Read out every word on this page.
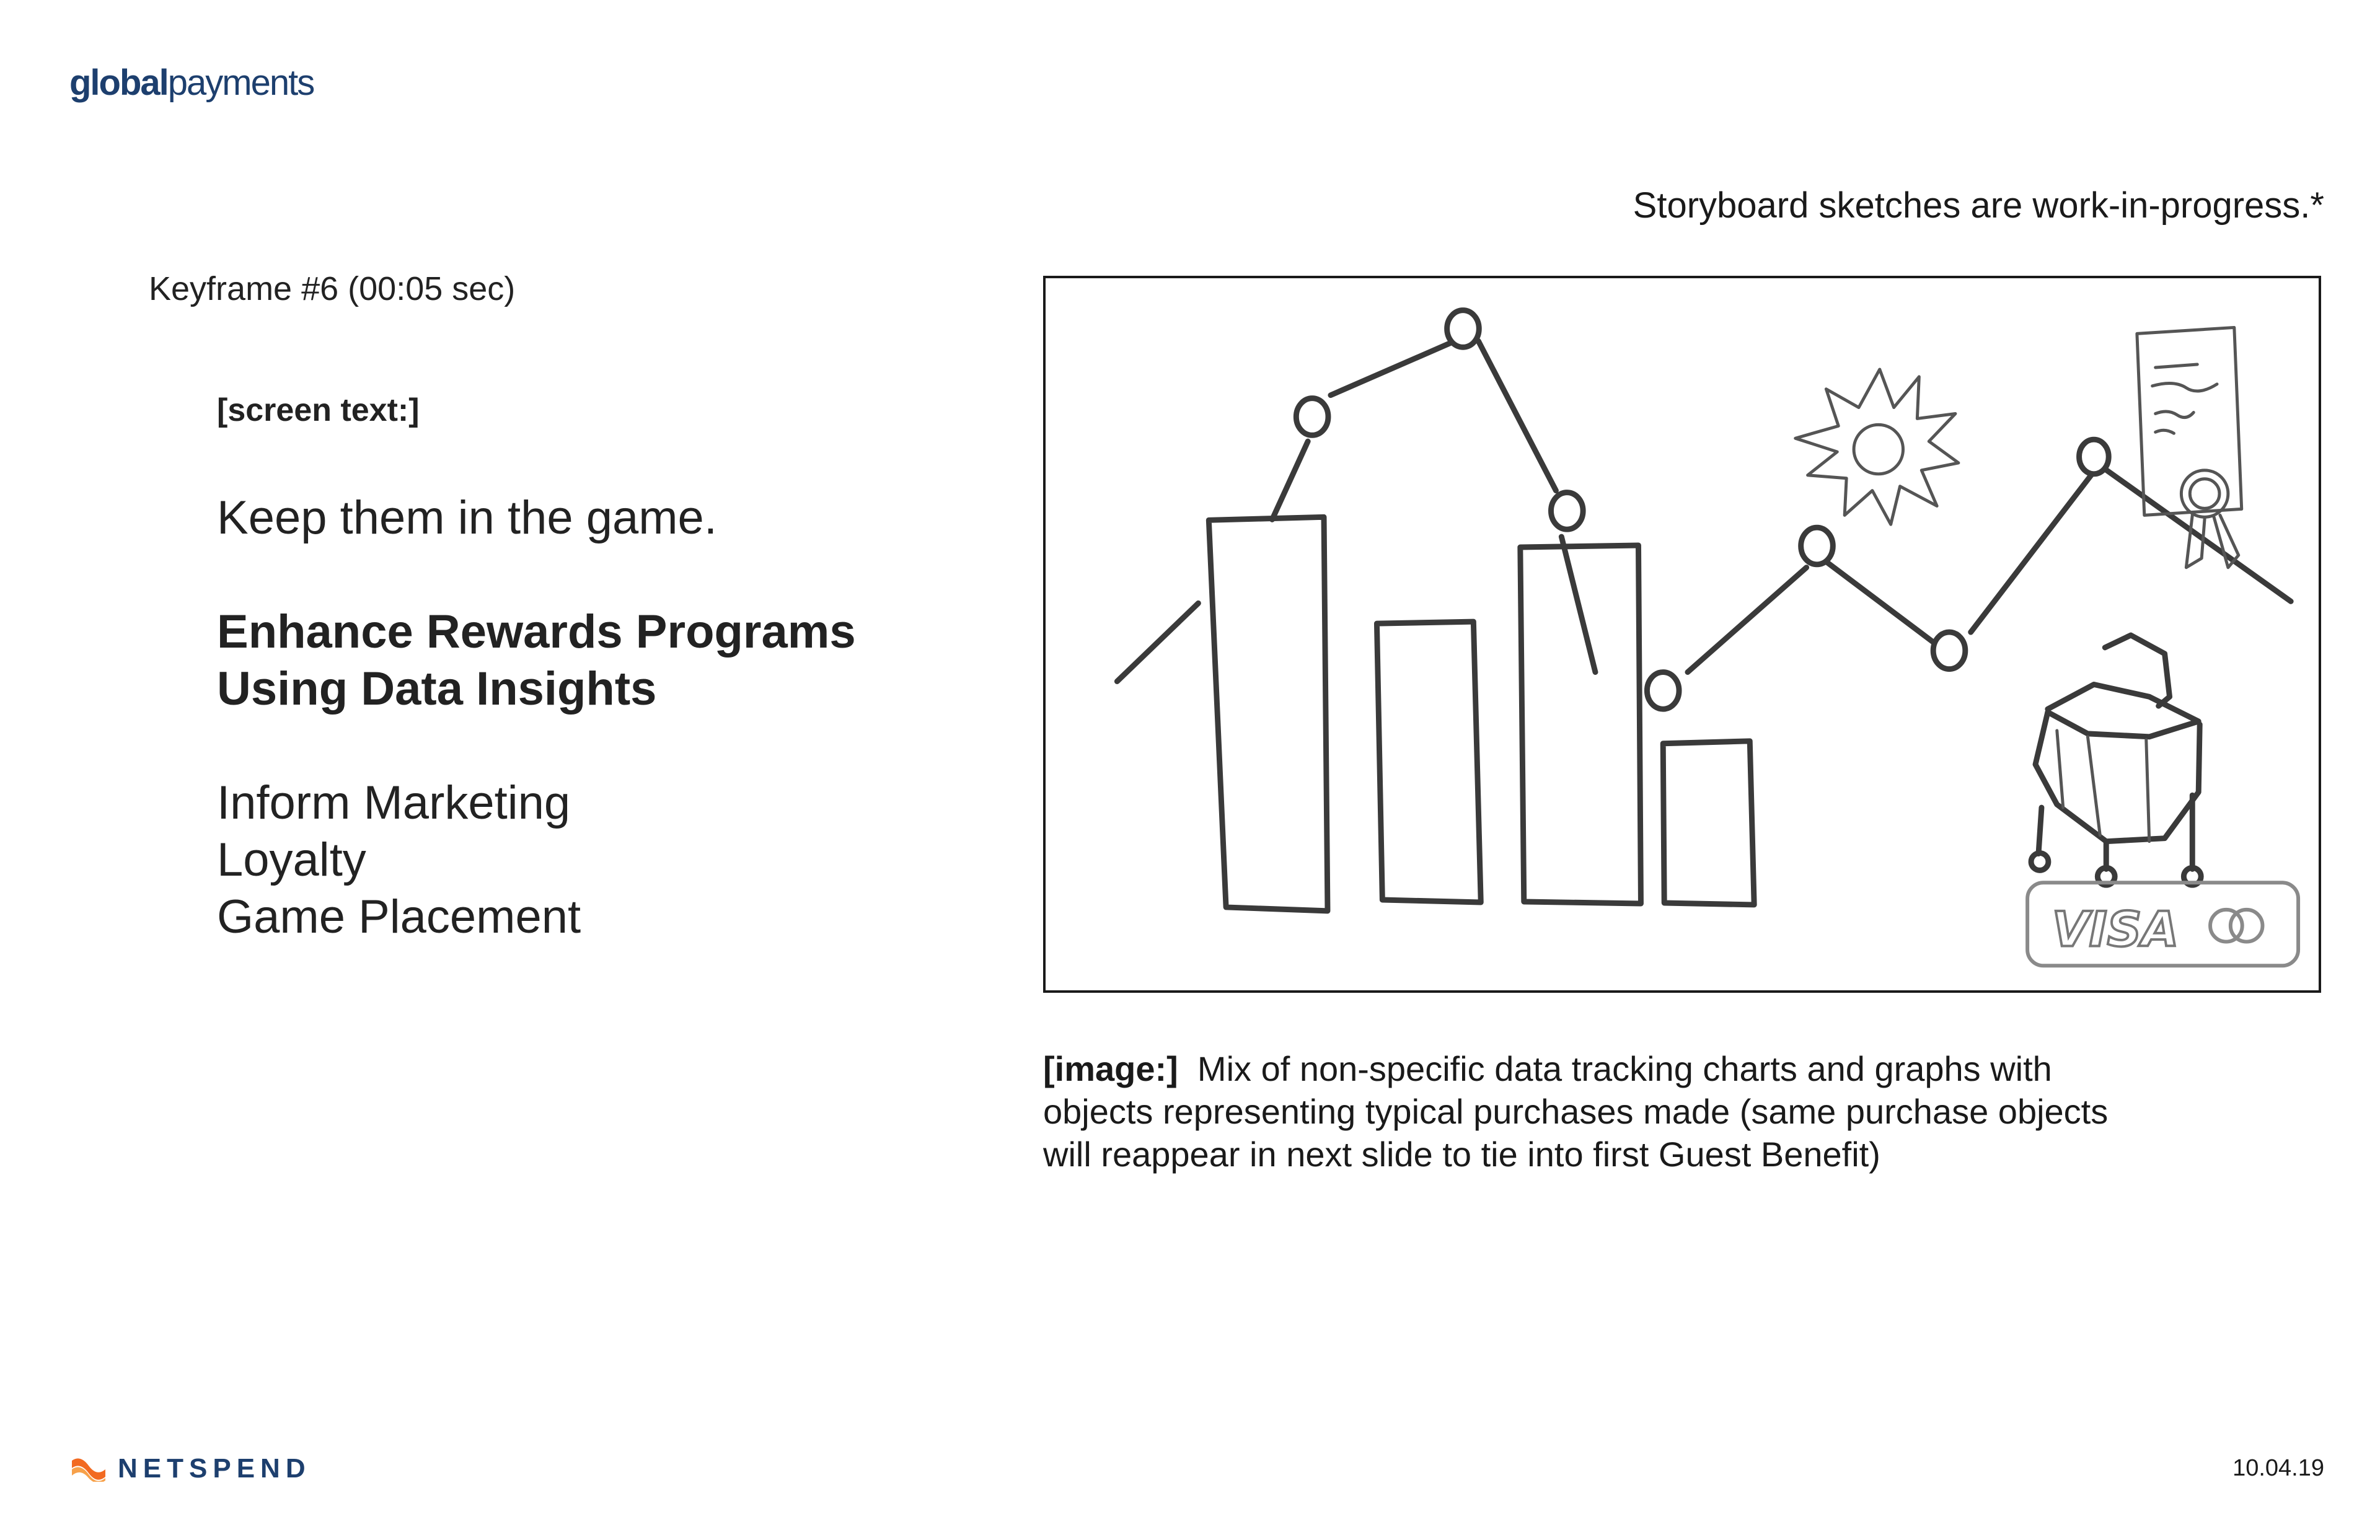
globalpayments
Storyboard sketches are work-in-progress.*
Keyframe #6 (00:05 sec)
[screen text:]
Keep them in the game.
Enhance Rewards Programs
Using Data Insights
Inform Marketing
Loyalty
Game Placement	VISA
[image:] Mix of non-specific data tracking charts and graphs with
objects representing typical purchases made (same purchase objects
will reappear in next slide to tie into first Guest Benefit)
NETSPEND	10.04.19
